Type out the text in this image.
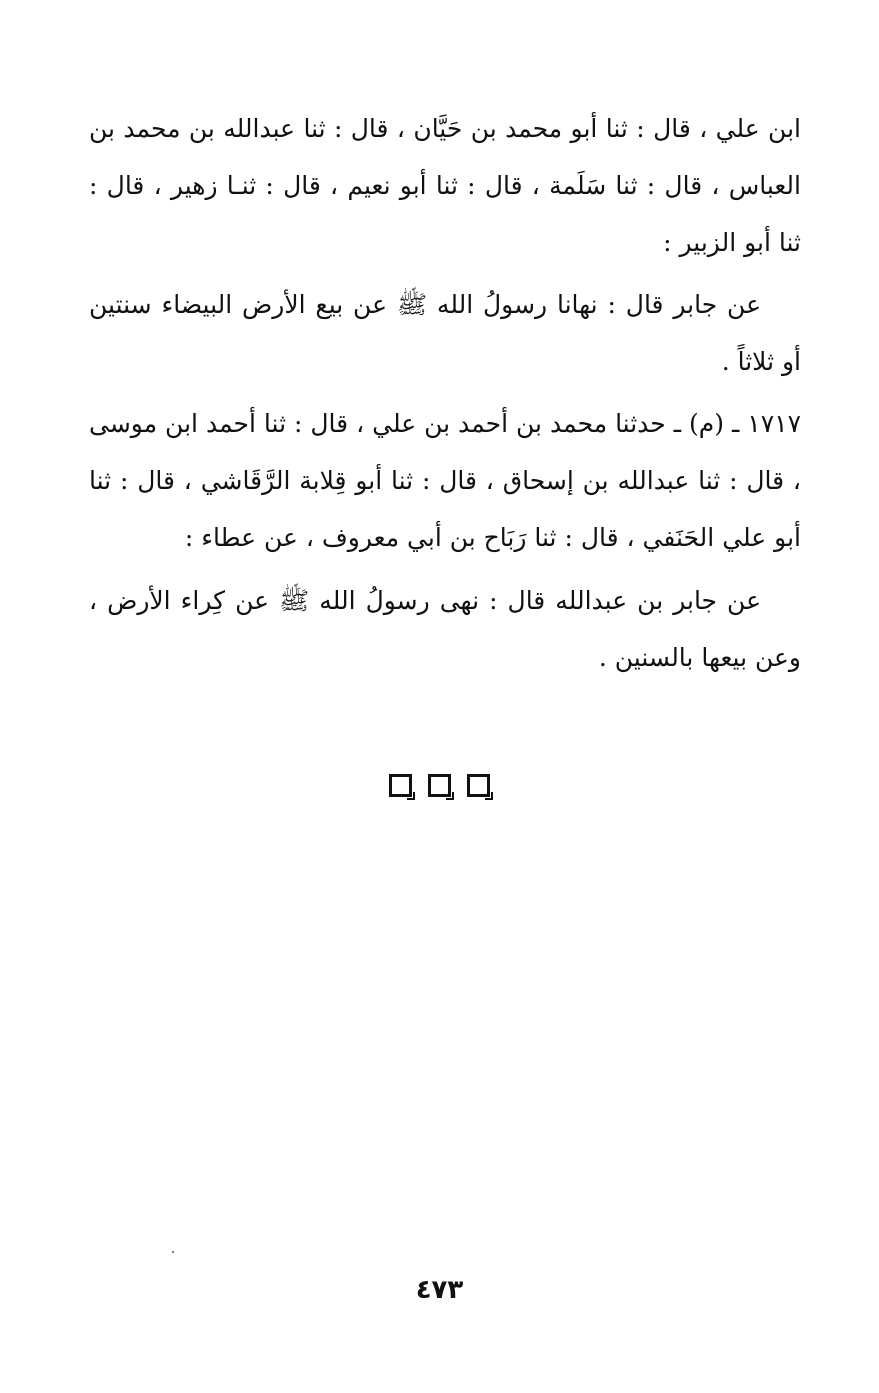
ابن علي ، قال : ثنا أبو محمد بن حَيَّان ، قال : ثنا عبدالله بن محمد بن العباس ، قال : ثنا سَلَمة ، قال : ثنا أبو نعيم ، قال : ثنـا زهير ، قال : ثنا أبو الزبير :

عن جابر قال : نهانا رسولُ الله ﷺ عن بيع الأرض البيضاء سنتين أو ثلاثاً .

١٧١٧ ـ (م) ـ حدثنا محمد بن أحمد بن علي ، قال : ثنا أحمد ابن موسى ، قال : ثنا عبدالله بن إسحاق ، قال : ثنا أبو قِلابة الرَّقَاشي ، قال : ثنا أبو علي الحَنَفي ، قال : ثنا رَبَاح بن أبي معروف ، عن عطاء :

عن جابر بن عبدالله قال : نهى رسولُ الله ﷺ عن كِراء الأرض ، وعن بيعها بالسنين .

٤٧٣
